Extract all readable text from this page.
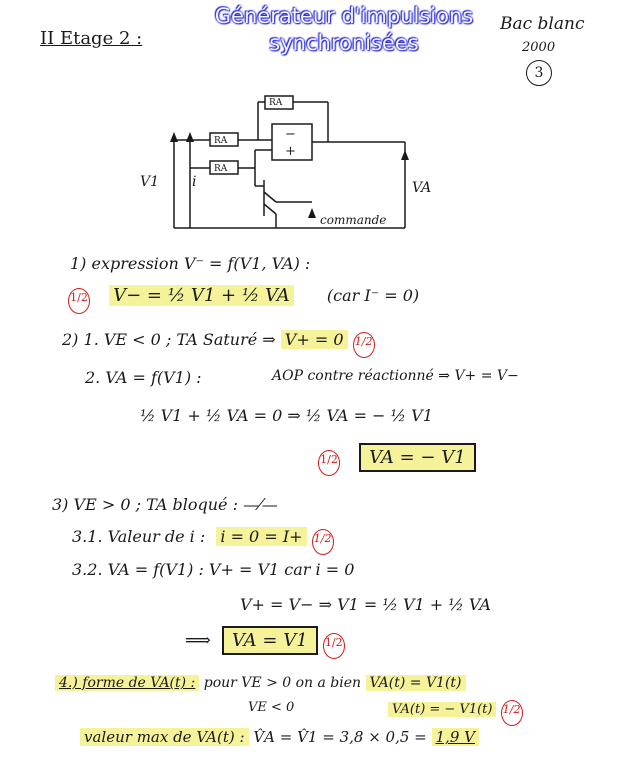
Générateur d'impulsions
synchronisées
II Etage 2 :
Bac blanc
2000
3
RA
RA
RA
−
+
V1 i	VA
commande
1) expression V⁻ = f(V1, VA) :
1/2 V− = ½ V1 + ½ VA (car I⁻ = 0)
2) 1. VE < 0 ; TA Saturé ⇒ V+ = 0 1/2
2. VA = f(V1) :	AOP contre réactionné ⇒ V+ = V−
½ V1 + ½ VA = 0 ⇒ ½ VA = − ½ V1
1/2 VA = − V1
3) VE > 0 ; TA bloqué : —⁄—
3.1. Valeur de i : i = 0 = I+ 1/2
3.2. VA = f(V1) : V+ = V1 car i = 0
V+ = V− ⇒ V1 = ½ V1 + ½ VA
⟹ VA = V1 1/2
4.) forme de VA(t) : pour VE > 0 on a bien VA(t) = V1(t)
VE < 0	VA(t) = − V1(t) 1/2
valeur max de VA(t) : V̂A = V̂1 = 3,8 × 0,5 = 1,9 V
